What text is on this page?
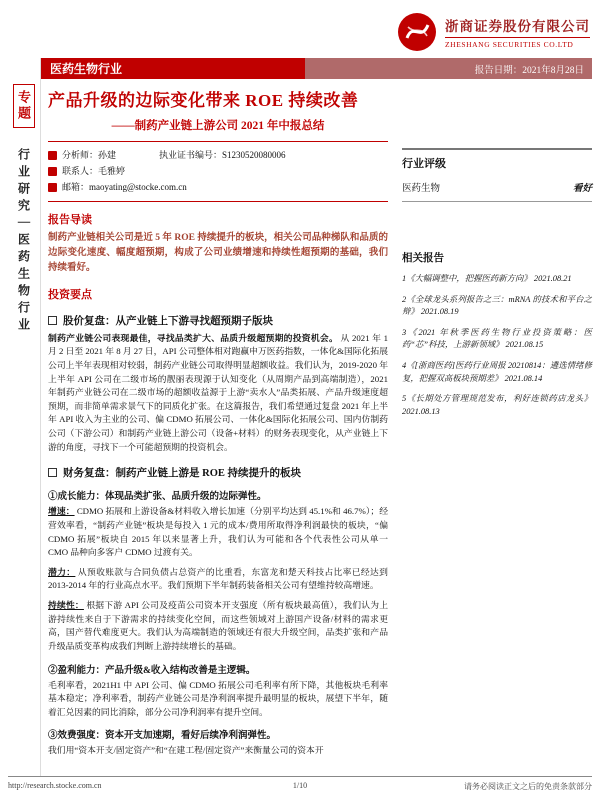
浙商证券股份有限公司
ZHESHANG SECURITIES CO.LTD
医药生物行业	报告日期：2021年8月28日
专题
行业研究｜医药生物行业
产品升级的边际变化带来 ROE 持续改善
——制药产业链上游公司 2021 年中报总结
分析师：孙建	执业证书编号：S1230520080006
联系人：毛雅婷
邮箱：maoyating@stocke.com.cn
报告导读

制药产业链相关公司是近 5 年 ROE 持续提升的板块，相关公司品种梯队和品质的边际变化速度、幅度超预期，构成了公司业绩增速和持续性超预期的基础，我们持续看好。

投资要点
股价复盘：从产业链上下游寻找超预期子版块

制药产业链公司表现最佳，寻找品类扩大、品质升级超预期的投资机会。 从 2021 年 1 月 2 日至 2021 年 8 月 27 日，API 公司整体相对跑赢申万医药指数，一体化&国际化拓展公司上半年表现相对较弱，制药产业链公司取得明显超额收益。我们认为，2019-2020 年上半年 API 公司在二级市场的靓丽表现源于认知变化（从周期产品到高端制造），2021 年制药产业链公司在二级市场的超额收益源于上游“卖水人”品类拓展、产品升级速度超预期，而非简单需求景气下的同质化扩张。在这篇报告，我们希望通过复盘 2021 年上半年 API 收入为主业的公司、偏 CDMO 拓展公司、一体化&国际化拓展公司、国内仿制药公司（下游公司）和制药产业链上游公司（设备+材料）的财务表现变化，从产业链上下游的角度，寻找下一个可能超预期的投资机会。

财务复盘：制药产业链上游是 ROE 持续提升的板块
①成长能力：体现品类扩张、品质升级的边际弹性。

增速： CDMO 拓展和上游设备&材料收入增长加速（分别平均达到 45.1%和 46.7%）；经营效率看，“制药产业链”板块是每投入 1 元的成本/费用所取得净利润最快的板块，“偏 CDMO 拓展”板块自 2015 年以来显著上升，我们认为可能和各个代表性公司从单一 CMO 品种向多客户 CDMO 过渡有关。

潜力： 从预收账款与合同负债占总资产的比重看，东富龙和楚天科技占比率已经达到 2013-2014 年的行业高点水平。我们预期下半年制药装备相关公司有望维持较高增速。

持续性： 根据下游 API 公司及疫苗公司资本开支强度（所有板块最高值），我们认为上游持续性来自于下游需求的持续变化空间，而这些领域对上游国产设备/材料的需求更高，国产替代难度更大。我们认为高端制造的领域还有很大升级空间，品类扩张和产品升级品质变革构成我们判断上游持续增长的基础。

②盈利能力：产品升级&收入结构改善是主逻辑。

毛利率看，2021H1 中 API 公司、偏 CDMO 拓展公司毛利率有所下降，其他板块毛利率基本稳定；净利率看，制药产业链公司是净利润率提升最明显的板块，展望下半年，随着汇兑因素的同比消除，部分公司净利润率有提升空间。

③效费强度：资本开支加速期，看好后续净利润弹性。

我们用“资本开支/固定资产”和“在建工程/固定资产”来衡量公司的资本开

行业评级
医药生物	看好
相关报告
1《大幅调整中，把握医药新方向》 2021.08.21
2《全球龙头系列报告之三：mRNA 的技术和平台之辩》 2021.08.19
3《2021 年秋季医药生物行业投资策略：医药“芯”科技，上游新领域》 2021.08.15
4《[浙商医药]医药行业周报 20210814：遴选情绪修复，把握双高板块预期差》 2021.08.14
5《长期处方管理规范发布，利好连锁药店龙头》 2021.08.13
http://research.stocke.com.cn	1/10	请务必阅读正文之后的免责条款部分
